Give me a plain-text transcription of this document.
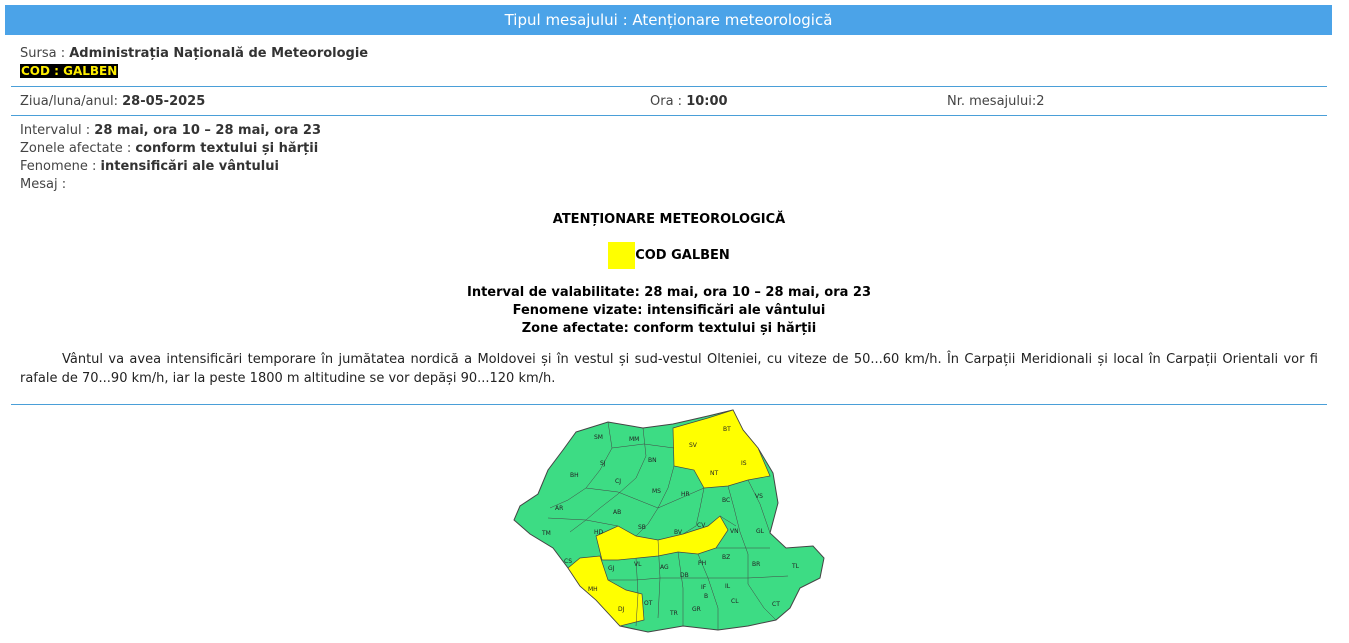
Tipul mesajului : Atenționare meteorologică
Sursa : Administrația Națională de Meteorologie
COD : GALBEN
Ziua/luna/anul: 28-05-2025	Ora : 10:00	Nr. mesajului:2
Intervalul : 28 mai, ora 10 – 28 mai, ora 23
Zonele afectate : conform textului și hărții
Fenomene : intensificări ale vântului
Mesaj :
ATENȚIONARE METEOROLOGICĂ
COD GALBEN
Interval de valabilitate: 28 mai, ora 10 – 28 mai, ora 23
Fenomene vizate: intensificări ale vântului
Zone afectate: conform textului și hărții
Vântul va avea intensificări temporare în jumătatea nordică a Moldovei și în vestul și sud-vestul Olteniei, cu viteze de 50...60 km/h. În Carpații Meridionali și local în Carpații Orientali vor fi rafale de 70...90 km/h, iar la peste 1800 m altitudine se vor depăși 90...120 km/h.
SM	MM
BT
SV
IS
BN
SJ
BH
CJ
NT
MS	HR
BC
VS
AR
AB
SB
BV
CV
VN	GL
TM	HD
CS
GJ
VL	AG
DB
PH
BZ
BR	TL
MH
DJ
OT
TR
GR
IF
B
IL
CL	CT
